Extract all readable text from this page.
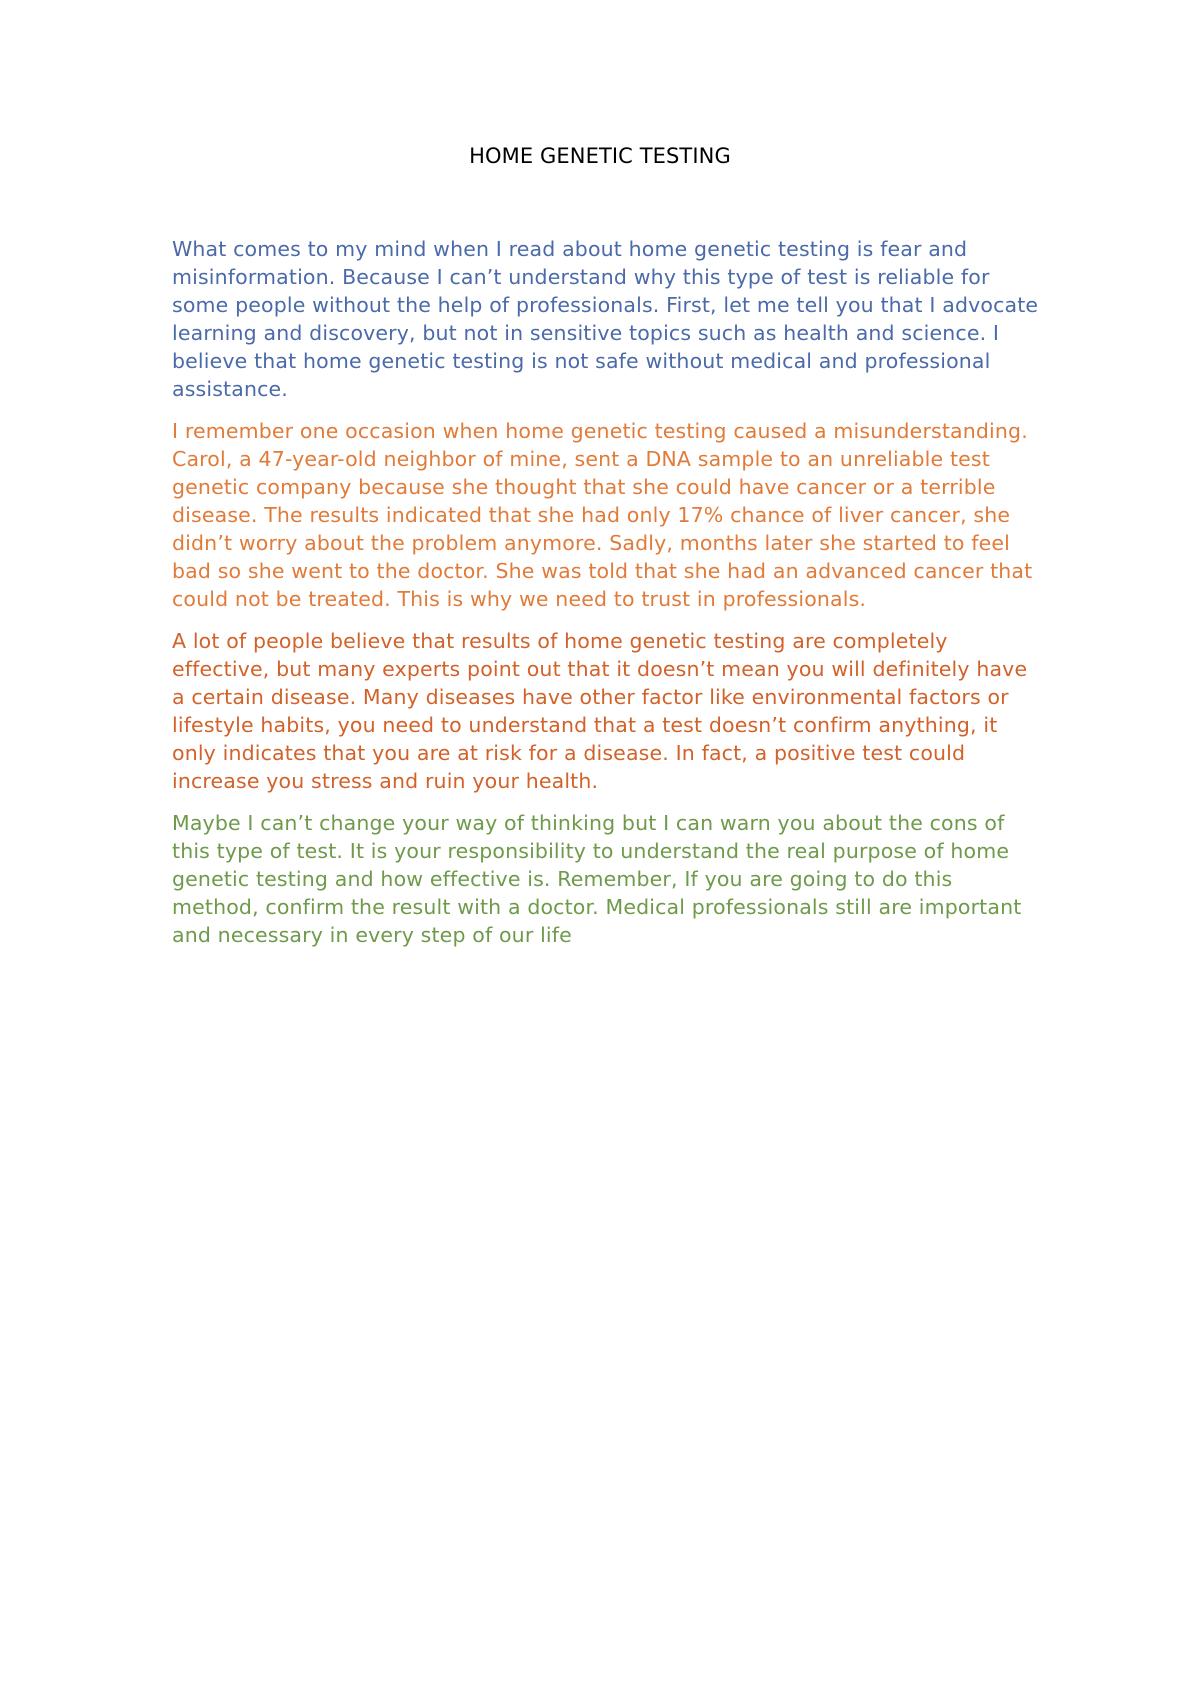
HOME GENETIC TESTING

What comes to my mind when I read about home genetic testing is fear and misinformation. Because I can’t understand why this type of test is reliable for some people without the help of professionals. First, let me tell you that I advocate learning and discovery, but not in sensitive topics such as health and science. I believe that home genetic testing is not safe without medical and professional assistance.

I remember one occasion when home genetic testing caused a misunderstanding. Carol, a 47-year-old neighbor of mine, sent a DNA sample to an unreliable test genetic company because she thought that she could have cancer or a terrible disease. The results indicated that she had only 17% chance of liver cancer, she didn’t worry about the problem anymore. Sadly, months later she started to feel bad so she went to the doctor. She was told that she had an advanced cancer that could not be treated. This is why we need to trust in professionals.

A lot of people believe that results of home genetic testing are completely effective, but many experts point out that it doesn’t mean you will definitely have a certain disease. Many diseases have other factor like environmental factors or lifestyle habits, you need to understand that a test doesn’t confirm anything, it only indicates that you are at risk for a disease. In fact, a positive test could increase you stress and ruin your health.

Maybe I can’t change your way of thinking but I can warn you about the cons of this type of test. It is your responsibility to understand the real purpose of home genetic testing and how effective is. Remember, If you are going to do this method, confirm the result with a doctor. Medical professionals still are important and necessary in every step of our life
